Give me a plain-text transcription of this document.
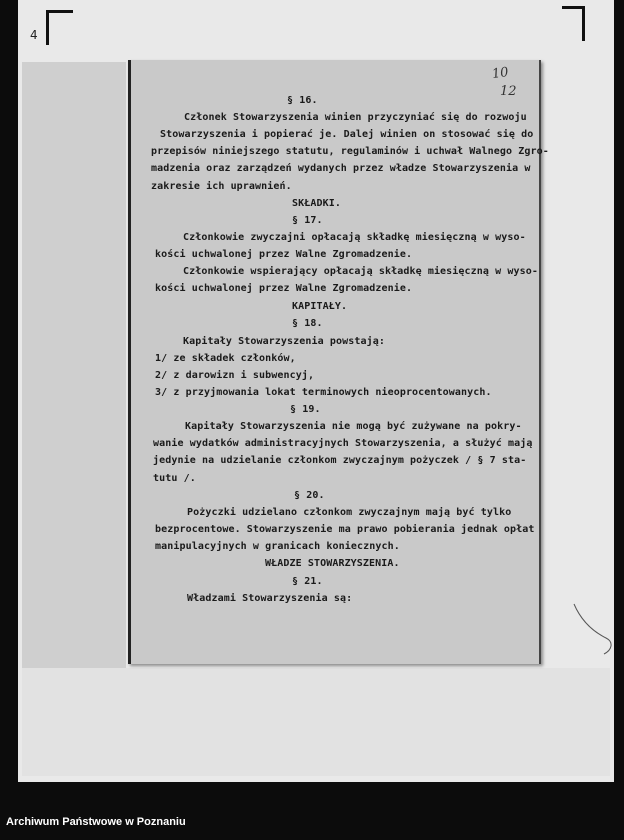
4
10
12
§ 16.
Członek Stowarzyszenia winien przyczyniać się do rozwoju
Stowarzyszenia i popierać je. Dalej winien on stosować się do
przepisów niniejszego statutu, regulaminów i uchwał Walnego Zgro-
madzenia oraz zarządzeń wydanych przez władze Stowarzyszenia w
zakresie ich uprawnień.
SKŁADKI.
§ 17.
Członkowie zwyczajni opłacają składkę miesięczną w wyso-
kości uchwalonej przez Walne Zgromadzenie.
Członkowie wspierający opłacają składkę miesięczną w wyso-
kości uchwalonej przez Walne Zgromadzenie.
KAPITAŁY.
§ 18.
Kapitały Stowarzyszenia powstają:
1/ ze składek członków,
2/ z darowizn i subwencyj,
3/ z przyjmowania lokat terminowych nieoprocentowanych.
§ 19.
Kapitały Stowarzyszenia nie mogą być zużywane na pokry-
wanie wydatków administracyjnych Stowarzyszenia, a służyć mają
jedynie na udzielanie członkom zwyczajnym pożyczek / § 7 sta-
tutu /.
§ 20.
Pożyczki udzielano członkom zwyczajnym mają być tylko
bezprocentowe. Stowarzyszenie ma prawo pobierania jednak opłat
manipulacyjnych w granicach koniecznych.
WŁADZE STOWARZYSZENIA.
§ 21.
Władzami Stowarzyszenia są:
Archiwum Państwowe w Poznaniu
